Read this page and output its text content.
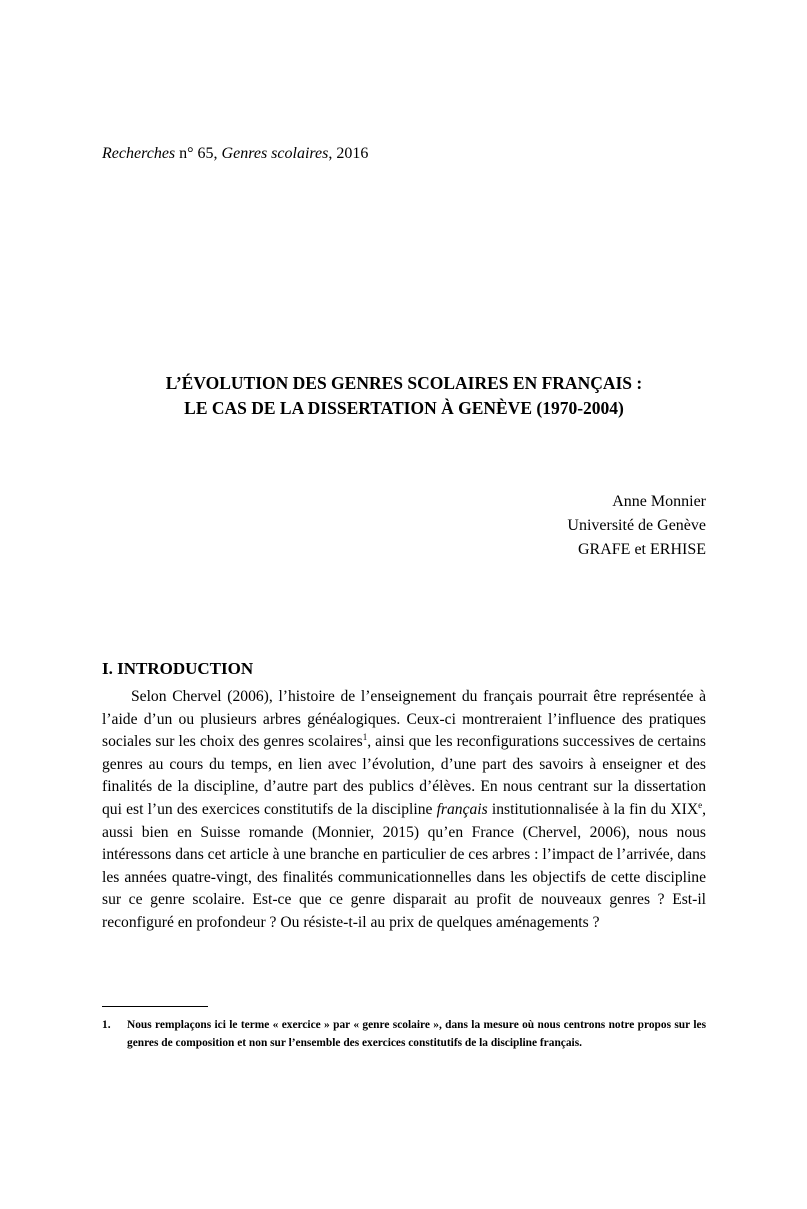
Recherches n° 65, Genres scolaires, 2016
L’ÉVOLUTION DES GENRES SCOLAIRES EN FRANÇAIS :
LE CAS DE LA DISSERTATION À GENÈVE (1970-2004)
Anne Monnier
Université de Genève
GRAFE et ERHISE
I. INTRODUCTION
Selon Chervel (2006), l’histoire de l’enseignement du français pourrait être représentée à l’aide d’un ou plusieurs arbres généalogiques. Ceux-ci montreraient l’influence des pratiques sociales sur les choix des genres scolaires$^1$, ainsi que les reconfigurations successives de certains genres au cours du temps, en lien avec l’évolution, d’une part des savoirs à enseigner et des finalités de la discipline, d’autre part des publics d’élèves. En nous centrant sur la dissertation qui est l’un des exercices constitutifs de la discipline français institutionnalisée à la fin du XIXe, aussi bien en Suisse romande (Monnier, 2015) qu’en France (Chervel, 2006), nous nous intéressons dans cet article à une branche en particulier de ces arbres : l’impact de l’arrivée, dans les années quatre-vingt, des finalités communicationnelles dans les objectifs de cette discipline sur ce genre scolaire. Est-ce que ce genre disparait au profit de nouveaux genres ? Est-il reconfiguré en profondeur ? Ou résiste-t-il au prix de quelques aménagements ?
1. Nous remplaçons ici le terme « exercice » par « genre scolaire », dans la mesure où nous centrons notre propos sur les genres de composition et non sur l’ensemble des exercices constitutifs de la discipline français.
